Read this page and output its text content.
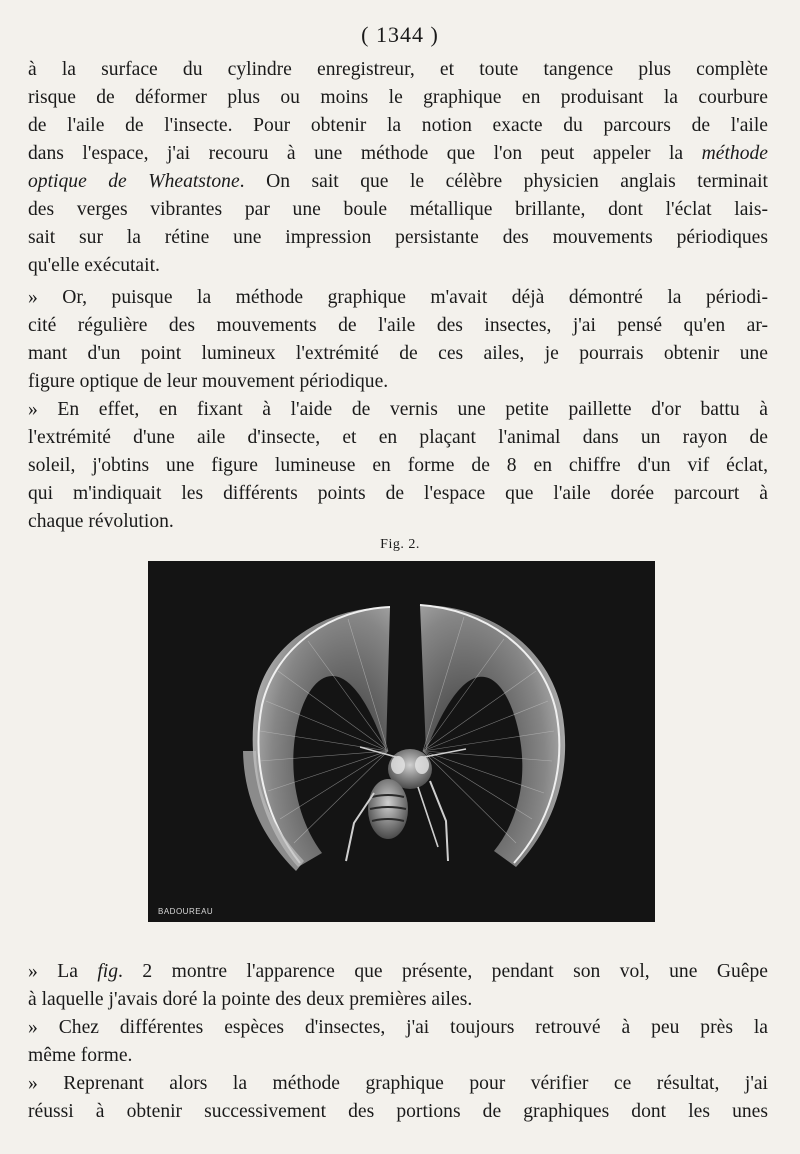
( 1344 )
à la surface du cylindre enregistreur, et toute tangence plus complète
risque de déformer plus ou moins le graphique en produisant la courbure
de l'aile de l'insecte. Pour obtenir la notion exacte du parcours de l'aile
dans l'espace, j'ai recouru à une méthode que l'on peut appeler la méthode
optique de Wheatstone. On sait que le célèbre physicien anglais terminait
des verges vibrantes par une boule métallique brillante, dont l'éclat lais-
sait sur la rétine une impression persistante des mouvements périodiques
qu'elle exécutait.
» Or, puisque la méthode graphique m'avait déjà démontré la périodi-
cité régulière des mouvements de l'aile des insectes, j'ai pensé qu'en ar-
mant d'un point lumineux l'extrémité de ces ailes, je pourrais obtenir une
figure optique de leur mouvement périodique.
» En effet, en fixant à l'aide de vernis une petite paillette d'or battu à
l'extrémité d'une aile d'insecte, et en plaçant l'animal dans un rayon de
soleil, j'obtins une figure lumineuse en forme de 8 en chiffre d'un vif éclat,
qui m'indiquait les différents points de l'espace que l'aile dorée parcourt à
chaque révolution.
Fig. 2.
BADOUREAU
» La fig. 2 montre l'apparence que présente, pendant son vol, une Guêpe
à laquelle j'avais doré la pointe des deux premières ailes.
» Chez différentes espèces d'insectes, j'ai toujours retrouvé à peu près la
même forme.
» Reprenant alors la méthode graphique pour vérifier ce résultat, j'ai
réussi à obtenir successivement des portions de graphiques dont les unes
